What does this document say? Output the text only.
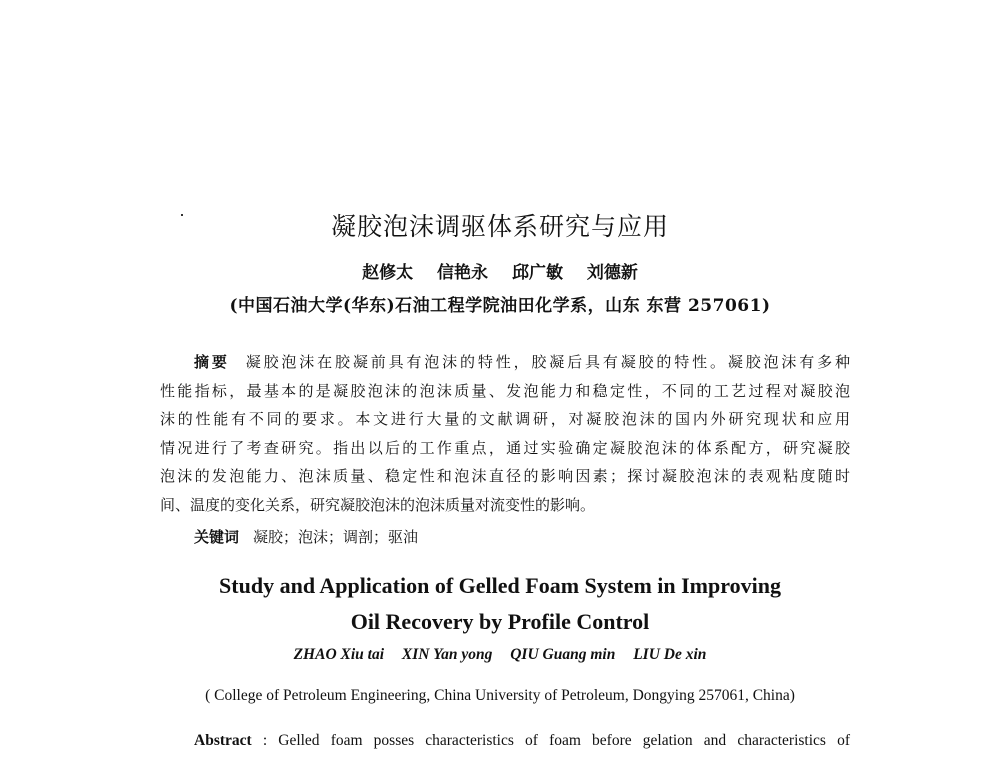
凝胶泡沫调驱体系研究与应用
赵修太 信艳永 邱广敏 刘德新
(中国石油大学(华东)石油工程学院油田化学系，山东 东营 257061)
摘要 凝胶泡沫在胶凝前具有泡沫的特性，胶凝后具有凝胶的特性。凝胶泡沫有多种
性能指标，最基本的是凝胶泡沫的泡沫质量、发泡能力和稳定性，不同的工艺过程对凝胶泡
沫的性能有不同的要求。本文进行大量的文献调研，对凝胶泡沫的国内外研究现状和应用
情况进行了考查研究。指出以后的工作重点，通过实验确定凝胶泡沫的体系配方，研究凝胶
泡沫的发泡能力、泡沫质量、稳定性和泡沫直径的影响因素；探讨凝胶泡沫的表观粘度随时
间、温度的变化关系，研究凝胶泡沫的泡沫质量对流变性的影响。
关键词 凝胶；泡沫；调剖；驱油
Study and Application of Gelled Foam System in Improving
Oil Recovery by Profile Control
ZHAO Xiu tai XIN Yan yong QIU Guang min LIU De xin
( College of Petroleum Engineering, China University of Petroleum, Dongying 257061, China)
Abstract : Gelled foam posses characteristics of foam before gelation and characteristics of
